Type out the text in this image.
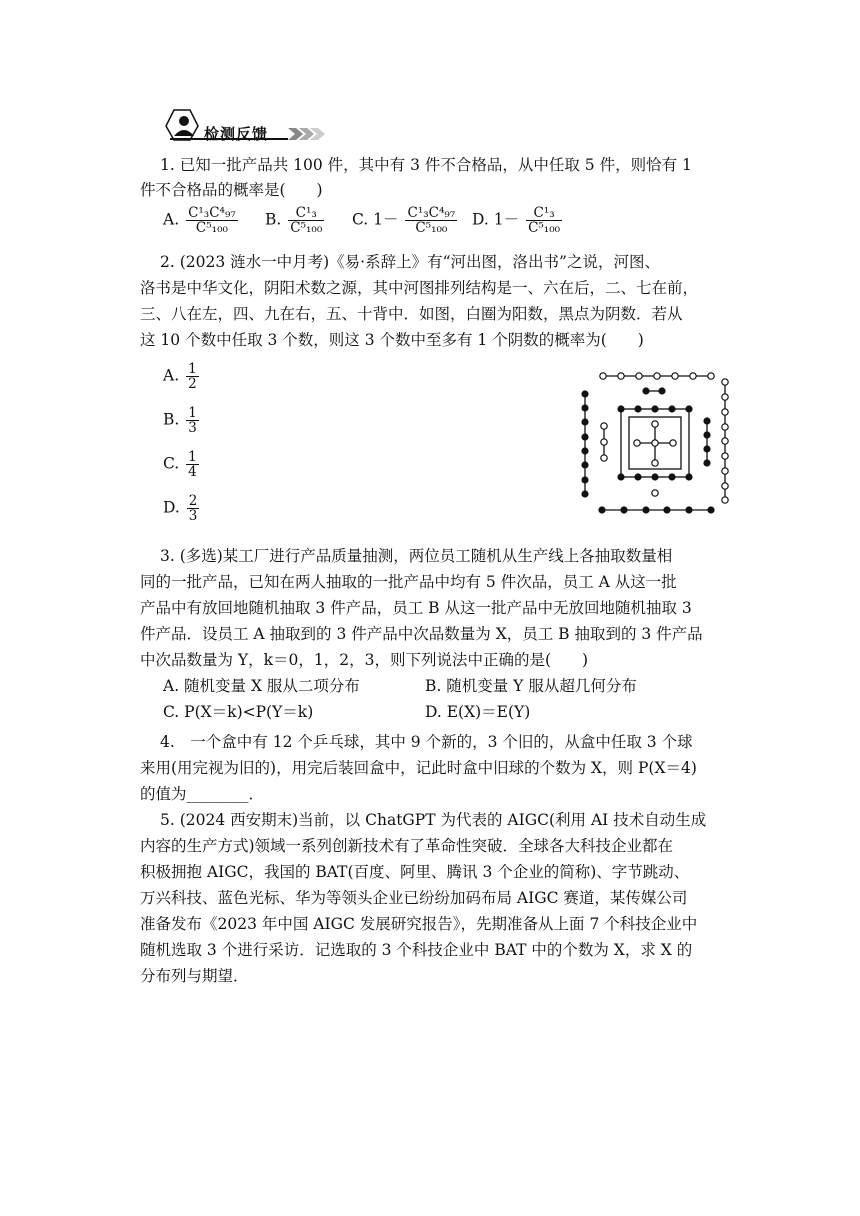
检测反馈
1. 已知一批产品共 100 件，其中有 3 件不合格品，从中任取 5 件，则恰有 1
件不合格品的概率是(　　)
A. $\frac{\text{C¹₃C⁴₉₇}}{\text{C⁵₁₀₀}} B$. $\frac{\text{C¹₃}}{\text{C⁵₁₀₀}} C$. $1- \frac{\text{C¹₃C⁴₉₇}}{\text{C⁵₁₀₀}} D$. $1- \frac{\text{C¹₃}}{\text{C⁵₁₀₀}}$
2. (2023 涟水一中月考)《易·系辞上》有“河出图，洛出书”之说，河图、
洛书是中华文化，阴阳术数之源，其中河图排列结构是一、六在后，二、七在前，
三、八在左，四、九在右，五、十背中．如图，白圈为阳数，黑点为阴数．若从
这 10 个数中任取 3 个数，则这 3 个数中至多有 1 个阴数的概率为(　　)
A. $\frac{1}{2}$
B. $\frac{1}{3}$
C. $\frac{1}{4}$
D. $\frac{2}{3}$
3. (多选)某工厂进行产品质量抽测，两位员工随机从生产线上各抽取数量相
同的一批产品，已知在两人抽取的一批产品中均有 5 件次品，员工 A 从这一批
产品中有放回地随机抽取 3 件产品，员工 B 从这一批产品中无放回地随机抽取 3
件产品．设员工 A 抽取到的 3 件产品中次品数量为 X，员工 B 抽取到的 3 件产品
中次品数量为 Y，k＝0，1，2，3，则下列说法中正确的是(　　)
A. 随机变量 X 服从二项分布	B. 随机变量 Y 服从超几何分布
C. P(X＝k)<P(Y＝k)	D. E(X)＝E(Y)
4.　一个盒中有 12 个乒乓球，其中 9 个新的，3 个旧的，从盒中任取 3 个球
来用(用完视为旧的)，用完后装回盒中，记此时盒中旧球的个数为 X，则 P(X＝4)
的值为________．
5. (2024 西安期末)当前，以 ChatGPT 为代表的 AIGC(利用 AI 技术自动生成
内容的生产方式)领域一系列创新技术有了革命性突破．全球各大科技企业都在
积极拥抱 AIGC，我国的 BAT(百度、阿里、腾讯 3 个企业的简称)、字节跳动、
万兴科技、蓝色光标、华为等领头企业已纷纷加码布局 AIGC 赛道，某传媒公司
准备发布《2023 年中国 AIGC 发展研究报告》，先期准备从上面 7 个科技企业中
随机选取 3 个进行采访．记选取的 3 个科技企业中 BAT 中的个数为 X，求 X 的
分布列与期望．
